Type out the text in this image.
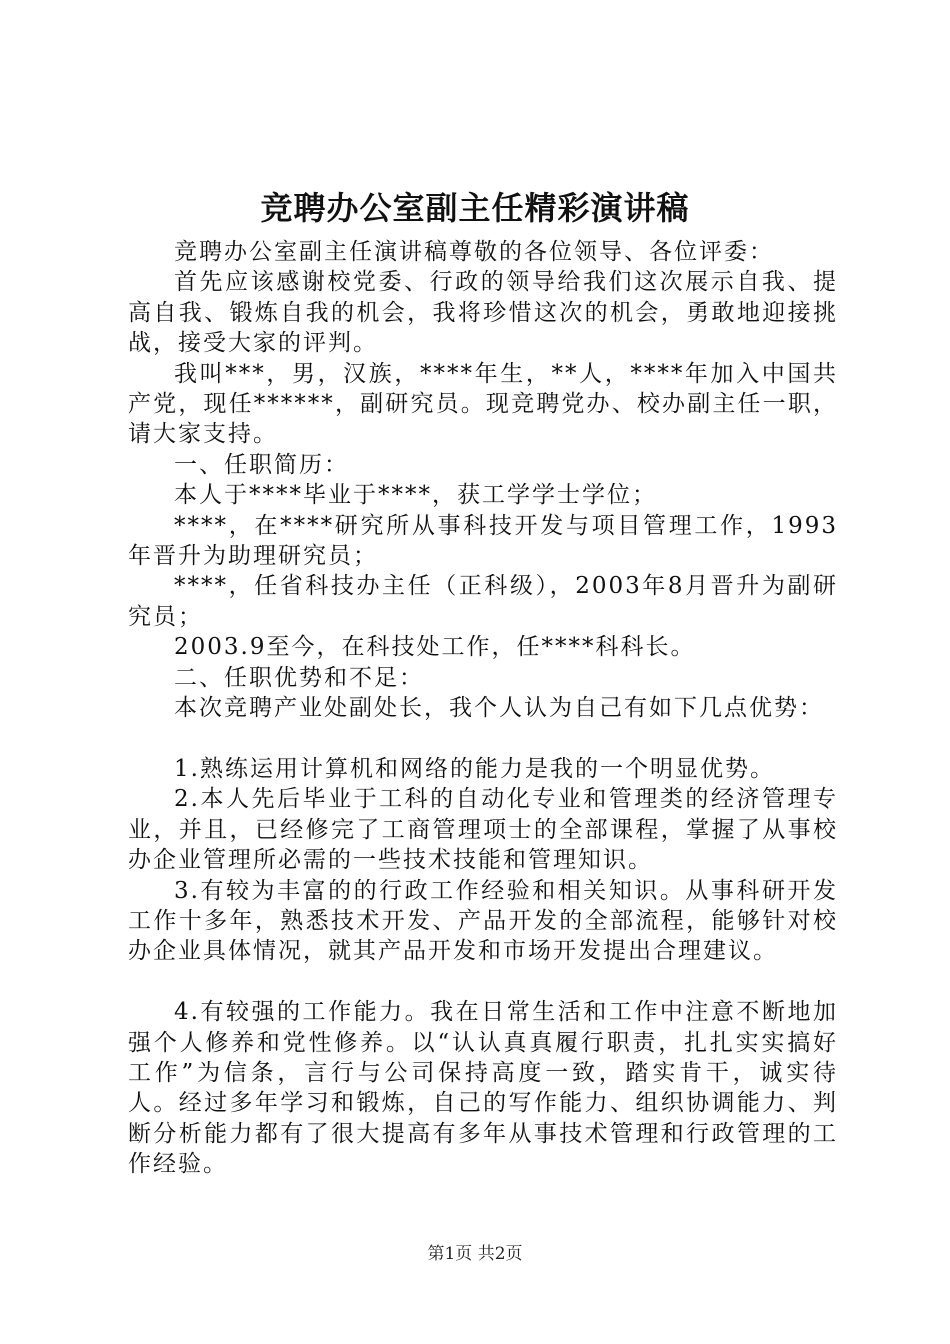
竞聘办公室副主任精彩演讲稿

竞聘办公室副主任演讲稿尊敬的各位领导、各位评委：

首先应该感谢校党委、行政的领导给我们这次展示自我、提高自我、锻炼自我的机会，我将珍惜这次的机会，勇敢地迎接挑战，接受大家的评判。

我叫***，男，汉族，****年生，**人，****年加入中国共产党，现任******，副研究员。现竞聘党办、校办副主任一职，请大家支持。

一、任职简历：

本人于****毕业于****，获工学学士学位；

****，在****研究所从事科技开发与项目管理工作，1993年晋升为助理研究员；

****，任省科技办主任（正科级），2003年8月晋升为副研究员；

2003.9至今，在科技处工作，任****科科长。

二、任职优势和不足：

本次竞聘产业处副处长，我个人认为自己有如下几点优势：

1.熟练运用计算机和网络的能力是我的一个明显优势。

2.本人先后毕业于工科的自动化专业和管理类的经济管理专业，并且，已经修完了工商管理项士的全部课程，掌握了从事校办企业管理所必需的一些技术技能和管理知识。

3.有较为丰富的的行政工作经验和相关知识。从事科研开发工作十多年，熟悉技术开发、产品开发的全部流程，能够针对校办企业具体情况，就其产品开发和市场开发提出合理建议。

4.有较强的工作能力。我在日常生活和工作中注意不断地加强个人修养和党性修养。以“认认真真履行职责，扎扎实实搞好工作”为信条，言行与公司保持高度一致，踏实肯干，诚实待人。经过多年学习和锻炼，自己的写作能力、组织协调能力、判断分析能力都有了很大提高有多年从事技术管理和行政管理的工作经验。

第1页 共2页
